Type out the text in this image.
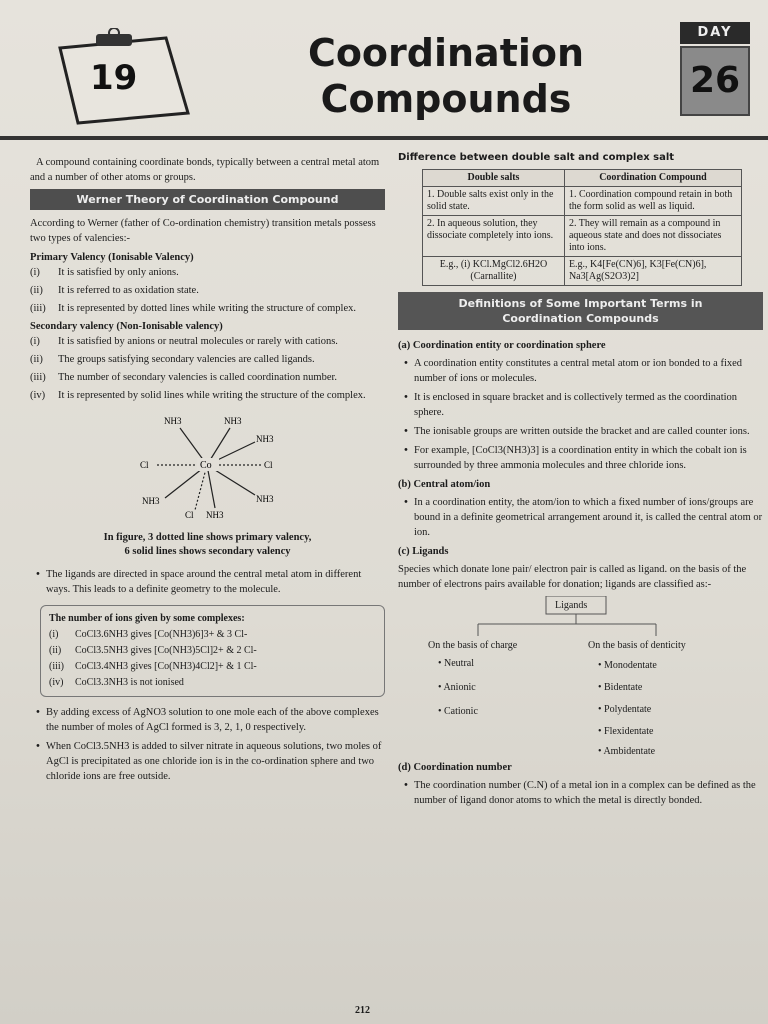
19
Coordination
Compounds
DAY
26

A compound containing coordinate bonds, typically between a central metal atom and a number of other atoms or groups.

Werner Theory of Coordination Compound

According to Werner (father of Co-ordination chemistry) transition metals possess two types of valencies:-

Primary Valency (Ionisable Valency)
(i)	It is satisfied by only anions.
(ii)	It is referred to as oxidation state.
(iii)	It is represented by dotted lines while writing the structure of complex.
Secondary valency (Non-Ionisable valency)
(i)	It is satisfied by anions or neutral molecules or rarely with cations.
(ii)	The groups satisfying secondary valencies are called ligands.
(iii)	The number of secondary valencies is called coordination number.
(iv)	It is represented by solid lines while writing the structure of the complex.
NH3	NH3
NH3
Cl	Co	Cl
NH3
Cl NH3
NH3
In figure, 3 dotted line shows primary valency,
6 solid lines shows secondary valency
• The ligands are directed in space around the central metal atom in different ways. This leads to a definite geometry to the molecule.
The number of ions given by some complexes:
(i)	CoCl3.6NH3 gives [Co(NH3)6]3+ & 3 Cl-
(ii)	CoCl3.5NH3 gives [Co(NH3)5Cl]2+ & 2 Cl-
(iii)	CoCl3.4NH3 gives [Co(NH3)4Cl2]+ & 1 Cl-
(iv)	CoCl3.3NH3 is not ionised
• By adding excess of AgNO3 solution to one mole each of the above complexes the number of moles of AgCl formed is 3, 2, 1, 0 respectively.
• When CoCl3.5NH3 is added to silver nitrate in aqueous solutions, two moles of AgCl is precipitated as one chloride ion is in the co-ordination sphere and two chloride ions are free outside.
Difference between double salt and complex salt
Double salts	Coordination Compound
1. Double salts exist only in the solid state.	1. Coordination compound retain in both the form solid as well as liquid.
2. In aqueous solution, they dissociate completely into ions.	2. They will remain as a compound in aqueous state and does not dissociates into ions.
E.g., (i) KCl.MgCl2.6H2O (Carnallite)	E.g., K4[Fe(CN)6], K3[Fe(CN)6], Na3[Ag(S2O3)2]
Definitions of Some Important Terms in
Coordination Compounds
(a) Coordination entity or coordination sphere
• A coordination entity constitutes a central metal atom or ion bonded to a fixed number of ions or molecules.
• It is enclosed in square bracket and is collectively termed as the coordination sphere.
• The ionisable groups are written outside the bracket and are called counter ions.
• For example, [CoCl3(NH3)3] is a coordination entity in which the cobalt ion is surrounded by three ammonia molecules and three chloride ions.
(b) Central atom/ion
• In a coordination entity, the atom/ion to which a fixed number of ions/groups are bound in a definite geometrical arrangement around it, is called the central atom or ion.
(c) Ligands

Species which donate lone pair/ electron pair is called as ligand. on the basis of the number of electrons pairs available for donation; ligands are classified as:-

Ligands
On the basis of charge	On the basis of denticity
• Neutral
• Anionic
• Cationic
• Monodentate
• Bidentate
• Polydentate
• Flexidentate
• Ambidentate
(d) Coordination number
• The coordination number (C.N) of a metal ion in a complex can be defined as the number of ligand donor atoms to which the metal is directly bonded.
212
